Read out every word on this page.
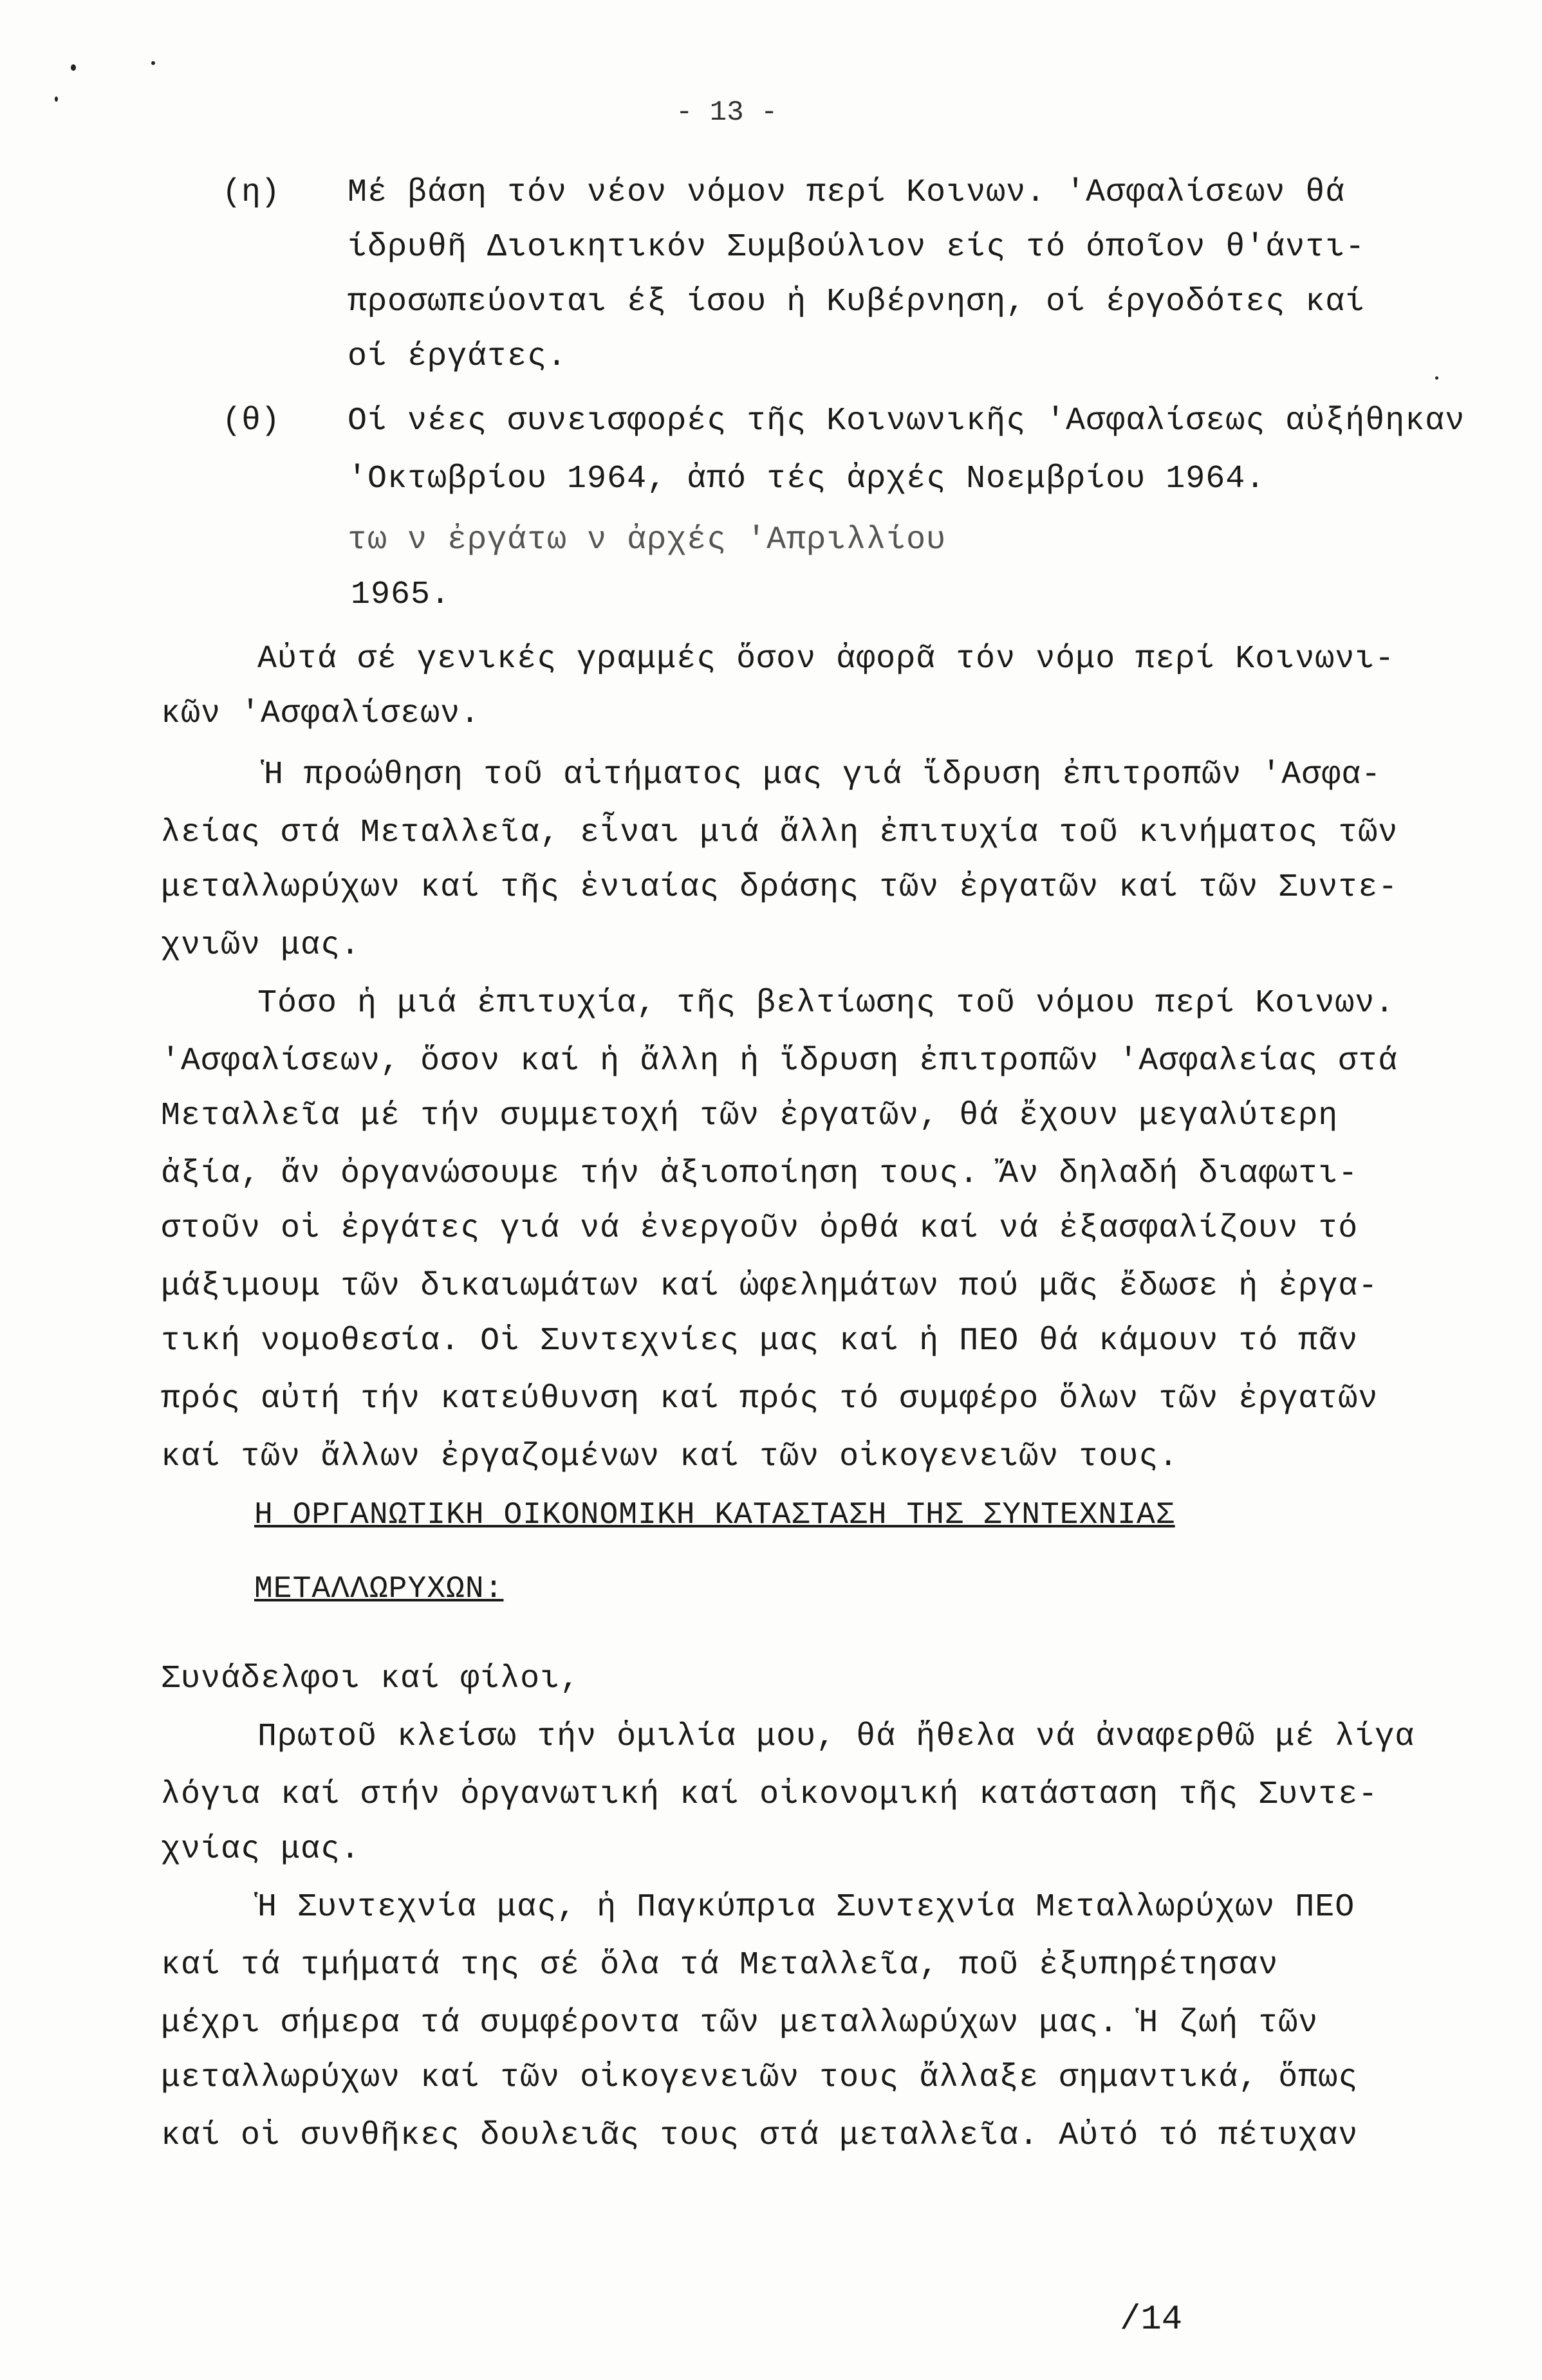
- 13 -
(η) Μέ βάση τόν νέον νόμον περί Κοινων. 'Ασφαλίσεων θά
ίδρυθῆ Διοικητικόν Συμβούλιον είς τό όποῖον θ'άντι-
προσωπεύονται έξ ίσου ἡ Κυβέρνηση, οί έργοδότες καί
οί έργάτες.
(θ) Οί νέες συνεισφορές τῆς Κοινωνικῆς 'Ασφαλίσεως αὐξήθηκαν
'Οκτωβρίου 1964, ἀπό τές ἀρχές Νοεμβρίου 1964.
τω ν ἐργάτω ν ἀρχές 'Απριλλίου
1965.
Αὐτά σέ γενικές γραμμές ὅσον ἀφορᾶ τόν νόμο περί Κοινωνι-
κῶν 'Ασφαλίσεων.
Ἡ προώθηση τοῦ αἰτήματος μας γιά ἵδρυση ἐπιτροπῶν 'Ασφα-
λείας στά Μεταλλεῖα, εἶναι μιά ἄλλη ἐπιτυχία τοῦ κινήματος τῶν
μεταλλωρύχων καί τῆς ἑνιαίας δράσης τῶν ἐργατῶν καί τῶν Συντε-
χνιῶν μας.
Τόσο ἡ μιά ἐπιτυχία, τῆς βελτίωσης τοῦ νόμου περί Κοινων.
'Ασφαλίσεων, ὅσον καί ἡ ἄλλη ἡ ἵδρυση ἐπιτροπῶν 'Ασφαλείας στά
Μεταλλεῖα μέ τήν συμμετοχή τῶν ἐργατῶν, θά ἔχουν μεγαλύτερη
ἀξία, ἄν ὀργανώσουμε τήν ἀξιοποίηση τους. Ἄν δηλαδή διαφωτι-
στοῦν οἱ ἐργάτες γιά νά ἐνεργοῦν ὀρθά καί νά ἐξασφαλίζουν τό
μάξιμουμ τῶν δικαιωμάτων καί ὠφελημάτων πού μᾶς ἔδωσε ἡ ἐργα-
τική νομοθεσία. Οἱ Συντεχνίες μας καί ἡ ΠΕΟ θά κάμουν τό πᾶν
πρός αὐτή τήν κατεύθυνση καί πρός τό συμφέρο ὅλων τῶν ἐργατῶν
καί τῶν ἄλλων ἐργαζομένων καί τῶν οἰκογενειῶν τους.
Η ΟΡΓΑΝΩΤΙΚΗ ΟΙΚΟΝΟΜΙΚΗ ΚΑΤΑΣΤΑΣΗ ΤΗΣ ΣΥΝΤΕΧΝΙΑΣ
ΜΕΤΑΛΛΩΡΥΧΩΝ:
Συνάδελφοι καί φίλοι,
Πρωτοῦ κλείσω τήν ὁμιλία μου, θά ἤθελα νά ἀναφερθῶ μέ λίγα
λόγια καί στήν ὀργανωτική καί οἰκονομική κατάσταση τῆς Συντε-
χνίας μας.
Ἡ Συντεχνία μας, ἡ Παγκύπρια Συντεχνία Μεταλλωρύχων ΠΕΟ
καί τά τμήματά της σέ ὅλα τά Μεταλλεῖα, ποῦ ἐξυπηρέτησαν
μέχρι σήμερα τά συμφέροντα τῶν μεταλλωρύχων μας. Ἡ ζωή τῶν
μεταλλωρύχων καί τῶν οἰκογενειῶν τους ἄλλαξε σημαντικά, ὅπως
καί οἱ συνθῆκες δουλειᾶς τους στά μεταλλεῖα. Αὐτό τό πέτυχαν
/14
